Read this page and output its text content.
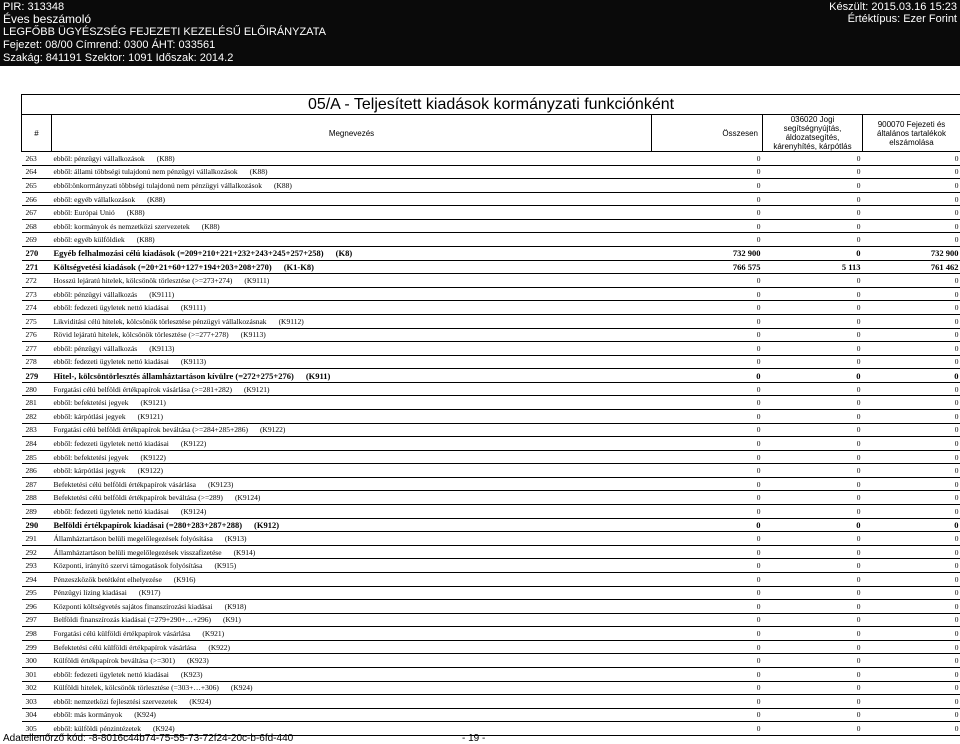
PIR: 313348
Éves beszámoló
LEGFŐBB ÜGYÉSZSÉG FEJEZETI KEZELÉSŰ ELŐIRÁNYZATA
Fejezet: 08/00 Címrend: 0300 ÁHT: 033561
Szakág: 841191 Szektor: 1091 Időszak: 2014.2
Készült: 2015.03.16 15:23
Értéktípus: Ezer Forint
05/A - Teljesített kiadások kormányzati funkciónként				
#	Megnevezés	Összesen	036020 Jogi segítségnyújtás, áldozatsegítés, kárenyhítés, kárpótlás	900070 Fejezeti és általános tartalékok elszámolása
263	ebből: pénzügyi vállalkozások (K88)	0	0	0
264	ebből: állami többségi tulajdonú nem pénzügyi vállalkozások (K88)	0	0	0
265	ebből:önkormányzati többségi tulajdonú nem pénzügyi vállalkozások (K88)	0	0	0
266	ebből: egyéb vállalkozások (K88)	0	0	0
267	ebből: Európai Unió (K88)	0	0	0
268	ebből: kormányok és nemzetközi szervezetek (K88)	0	0	0
269	ebből: egyéb külföldiek (K88)	0	0	0
270	Egyéb felhalmozási célú kiadások (=209+210+221+232+243+245+257+258) (K8)	732 900	0	732 900
271	Költségvetési kiadások (=20+21+60+127+194+203+208+270) (K1-K8)	766 575	5 113	761 462
272	Hosszú lejáratú hitelek, kölcsönök törlesztése (>=273+274) (K9111)	0	0	0
273	ebből: pénzügyi vállalkozás (K9111)	0	0	0
274	ebből: fedezeti ügyletek nettó kiadásai (K9111)	0	0	0
275	Likviditási célú hitelek, kölcsönök törlesztése pénzügyi vállalkozásnak (K9112)	0	0	0
276	Rövid lejáratú hitelek, kölcsönök törlesztése (>=277+278) (K9113)	0	0	0
277	ebből: pénzügyi vállalkozás (K9113)	0	0	0
278	ebből: fedezeti ügyletek nettó kiadásai (K9113)	0	0	0
279	Hitel-, kölcsöntörlesztés államháztartáson kívülre (=272+275+276) (K911)	0	0	0
280	Forgatási célú belföldi értékpapírok vásárlása (>=281+282) (K9121)	0	0	0
281	ebből: befektetési jegyek (K9121)	0	0	0
282	ebből: kárpótlási jegyek (K9121)	0	0	0
283	Forgatási célú belföldi értékpapírok beváltása (>=284+285+286) (K9122)	0	0	0
284	ebből: fedezeti ügyletek nettó kiadásai (K9122)	0	0	0
285	ebből: befektetési jegyek (K9122)	0	0	0
286	ebből: kárpótlási jegyek (K9122)	0	0	0
287	Befektetési célú belföldi értékpapírok vásárlása (K9123)	0	0	0
288	Befektetési célú belföldi értékpapírok beváltása (>=289) (K9124)	0	0	0
289	ebből: fedezeti ügyletek nettó kiadásai (K9124)	0	0	0
290	Belföldi értékpapírok kiadásai (=280+283+287+288) (K912)	0	0	0
291	Államháztartáson belüli megelőlegezések folyósítása (K913)	0	0	0
292	Államháztartáson belüli megelőlegezések visszafizetése (K914)	0	0	0
293	Központi, irányító szervi támogatások folyósítása (K915)	0	0	0
294	Pénzeszközök betétként elhelyezése (K916)	0	0	0
295	Pénzügyi lízing kiadásai (K917)	0	0	0
296	Központi költségvetés sajátos finanszírozási kiadásai (K918)	0	0	0
297	Belföldi finanszírozás kiadásai (=279+290+…+296) (K91)	0	0	0
298	Forgatási célú külföldi értékpapírok vásárlása (K921)	0	0	0
299	Befektetési célú külföldi értékpapírok vásárlása (K922)	0	0	0
300	Külföldi értékpapírok beváltása (>=301) (K923)	0	0	0
301	ebből: fedezeti ügyletek nettó kiadásai (K923)	0	0	0
302	Külföldi hitelek, kölcsönök törlesztése (=303+…+306) (K924)	0	0	0
303	ebből: nemzetközi fejlesztési szervezetek (K924)	0	0	0
304	ebből: más kormányok (K924)	0	0	0
305	ebből: külföldi pénzintézetek (K924)	0	0	0
Adatellenőrző kód: -8-8016c44b74-75-55-73-72f24-20c-b-6fd-440	- 19 -
